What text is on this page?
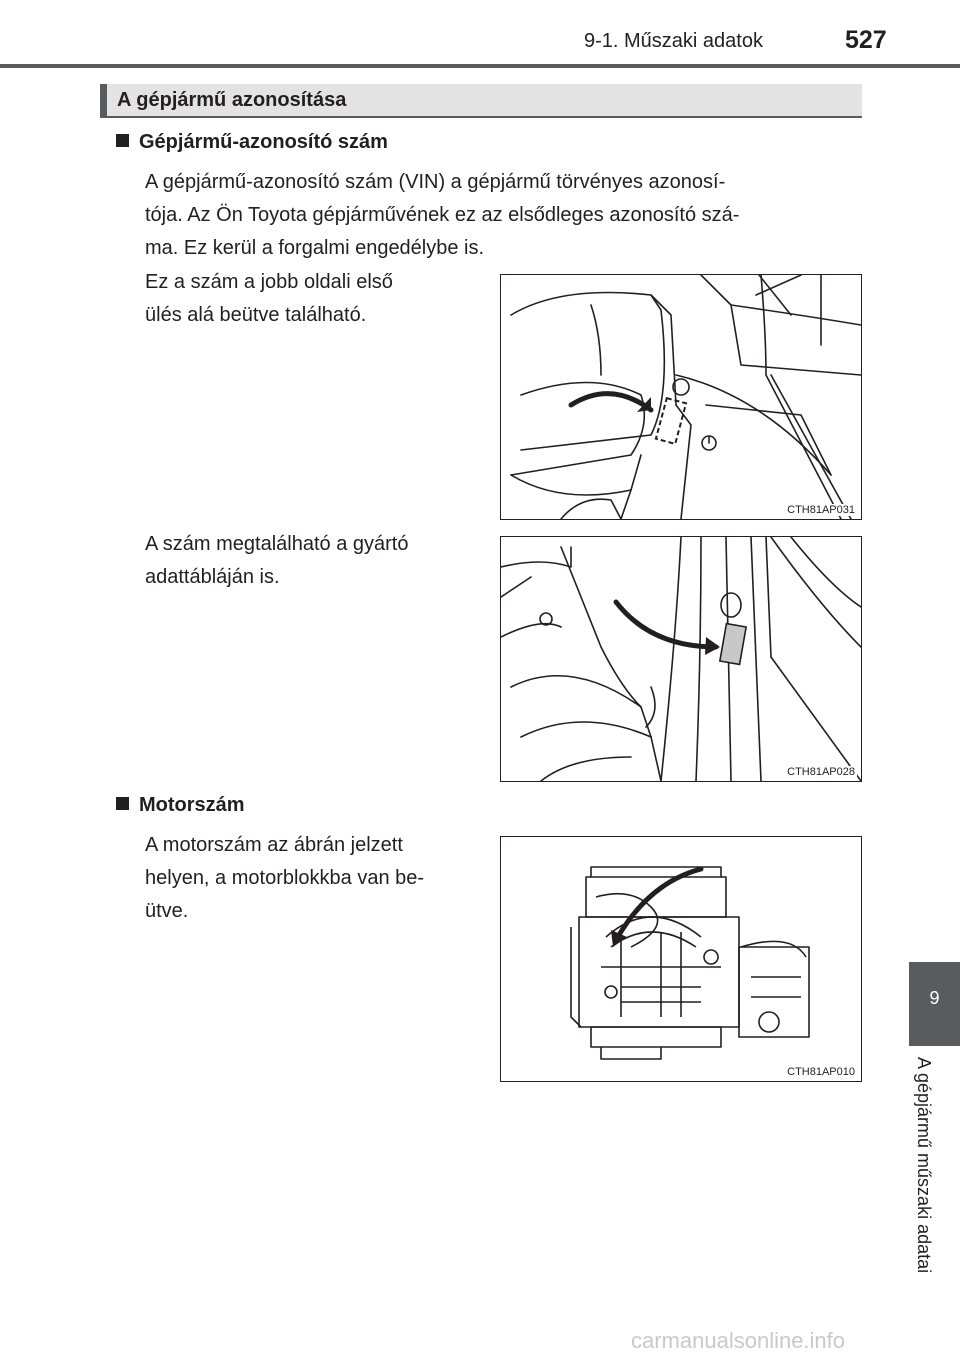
9-1. Műszaki adatok	527
A gépjármű azonosítása
Gépjármű-azonosító szám
A gépjármű-azonosító szám (VIN) a gépjármű törvényes azonosí-
tója. Az Ön Toyota gépjárművének ez az elsődleges azonosító szá-
ma. Ez kerül a forgalmi engedélybe is.
Ez a szám a jobb oldali első
ülés alá beütve található.
CTH81AP031
A szám megtalálható a gyártó
adattábláján is.
CTH81AP028
Motorszám
A motorszám az ábrán jelzett
helyen, a motorblokkba van be-
ütve.
CTH81AP010
9
A gépjármű műszaki adatai
carmanualsonline.info
